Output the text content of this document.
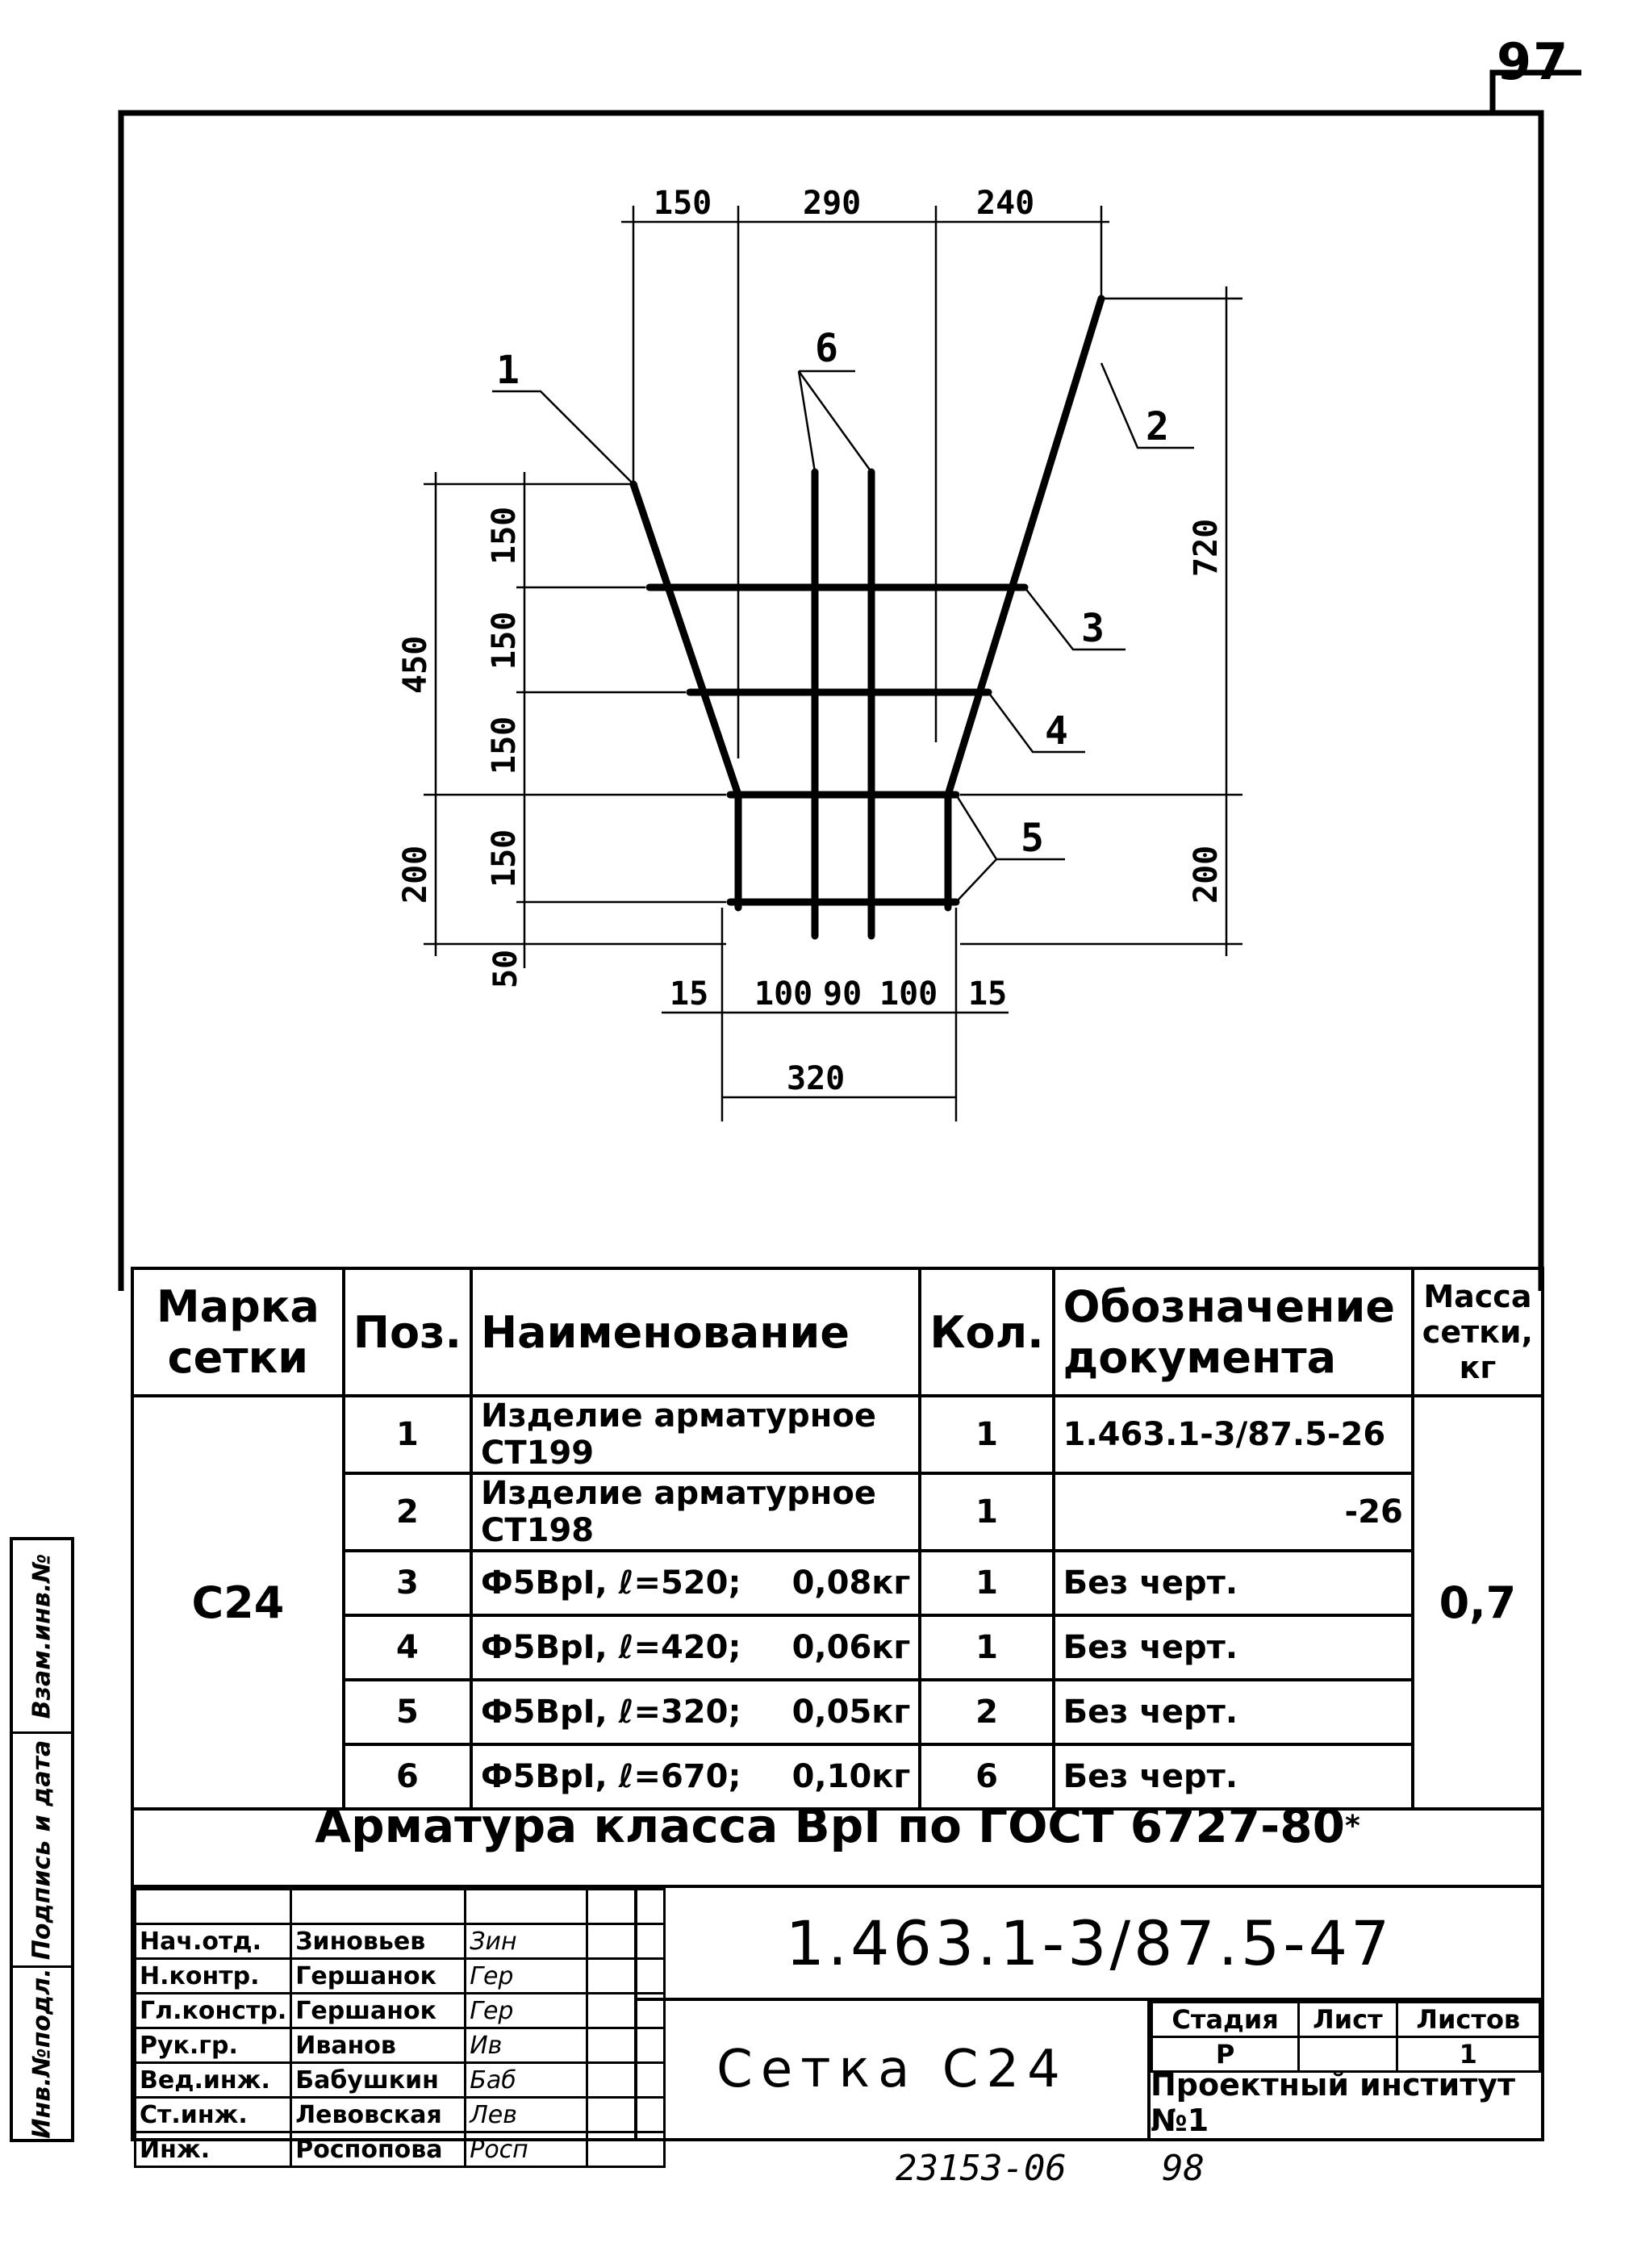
97
150	290	240
450
200
50
150
150
150
150
720
200
15 100 90 100 15
320
1
2
3
4
5
6
Марка сетки	Поз.	Наименование	Кол.	Обозначение документа	Масса сетки, кг
С24	1	Изделие арматурное СТ199	1	1.463.1-3/87.5-26	0,7
	2	Изделие арматурное СТ198	1	-26	
	3	Ф5ВрI, ℓ=520; 0,08кг	1	Без черт.	
	4	Ф5ВрI, ℓ=420; 0,06кг	1	Без черт.	
	5	Ф5ВрI, ℓ=320; 0,05кг	2	Без черт.	
	6	Ф5ВрI, ℓ=670; 0,10кг	6	Без черт.	
Арматура класса ВрI по ГОСТ 6727-80 *

Нач.отд.	Зиновьев	Зин	
Н.контр.	Гершанок	Гер	
Гл.констр.	Гершанок	Гер	
Рук.гр.	Иванов	Ив	
Вед.инж.	Бабушкин	Баб	
Ст.инж.	Левовская	Лев	
Инж.	Роспопова	Росп	
1.463.1-3/87.5-47
Сетка С24
Стадия	Лист	Листов
Р		1
Проектный институт №1
Взам.инв.№
Подпись и дата
Инв.№подл.
23153-06	98
